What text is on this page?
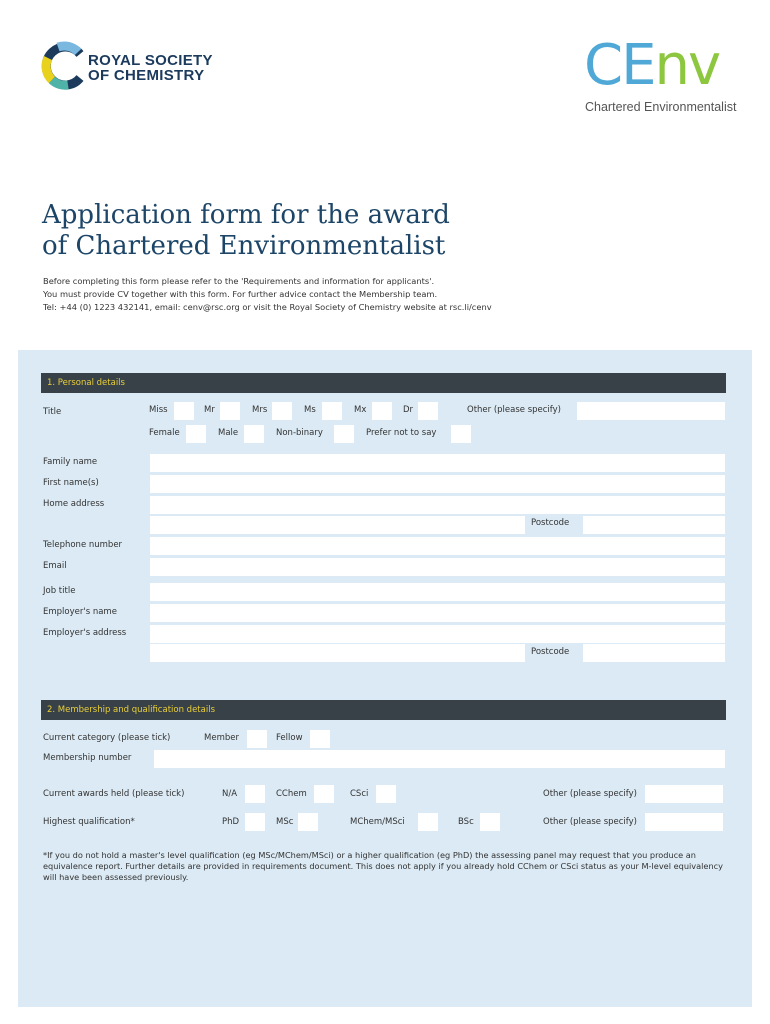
ROYAL SOCIETY
OF CHEMISTRY	CEnv
Chartered Environmentalist
Application form for the award
of Chartered Environmentalist
Before completing this form please refer to the 'Requirements and information for applicants'.
You must provide CV together with this form. For further advice contact the Membership team.
Tel: +44 (0) 1223 432141, email: cenv@rsc.org or visit the Royal Society of Chemistry website at rsc.li/cenv
1. Personal details
Title	Miss	Mr	Mrs	Ms	Mx	Dr	Other (please specify)
Female	Male	Non-binary	Prefer not to say
Family name
First name(s)
Home address
Postcode
Telephone number
Email
Job title
Employer's name
Employer's address
Postcode
2. Membership and qualification details
Current category (please tick)	Member	Fellow
Membership number
Current awards held (please tick)	N/A	CChem	CSci	Other (please specify)
Highest qualification*	PhD	MSc	MChem/MSci	BSc	Other (please specify)
*If you do not hold a master's level qualification (eg MSc/MChem/MSci) or a higher qualification (eg PhD) the assessing panel may request that you produce an equivalence report. Further details are provided in requirements document. This does not apply if you already hold CChem or CSci status as your M-level equivalency will have been assessed previously.
